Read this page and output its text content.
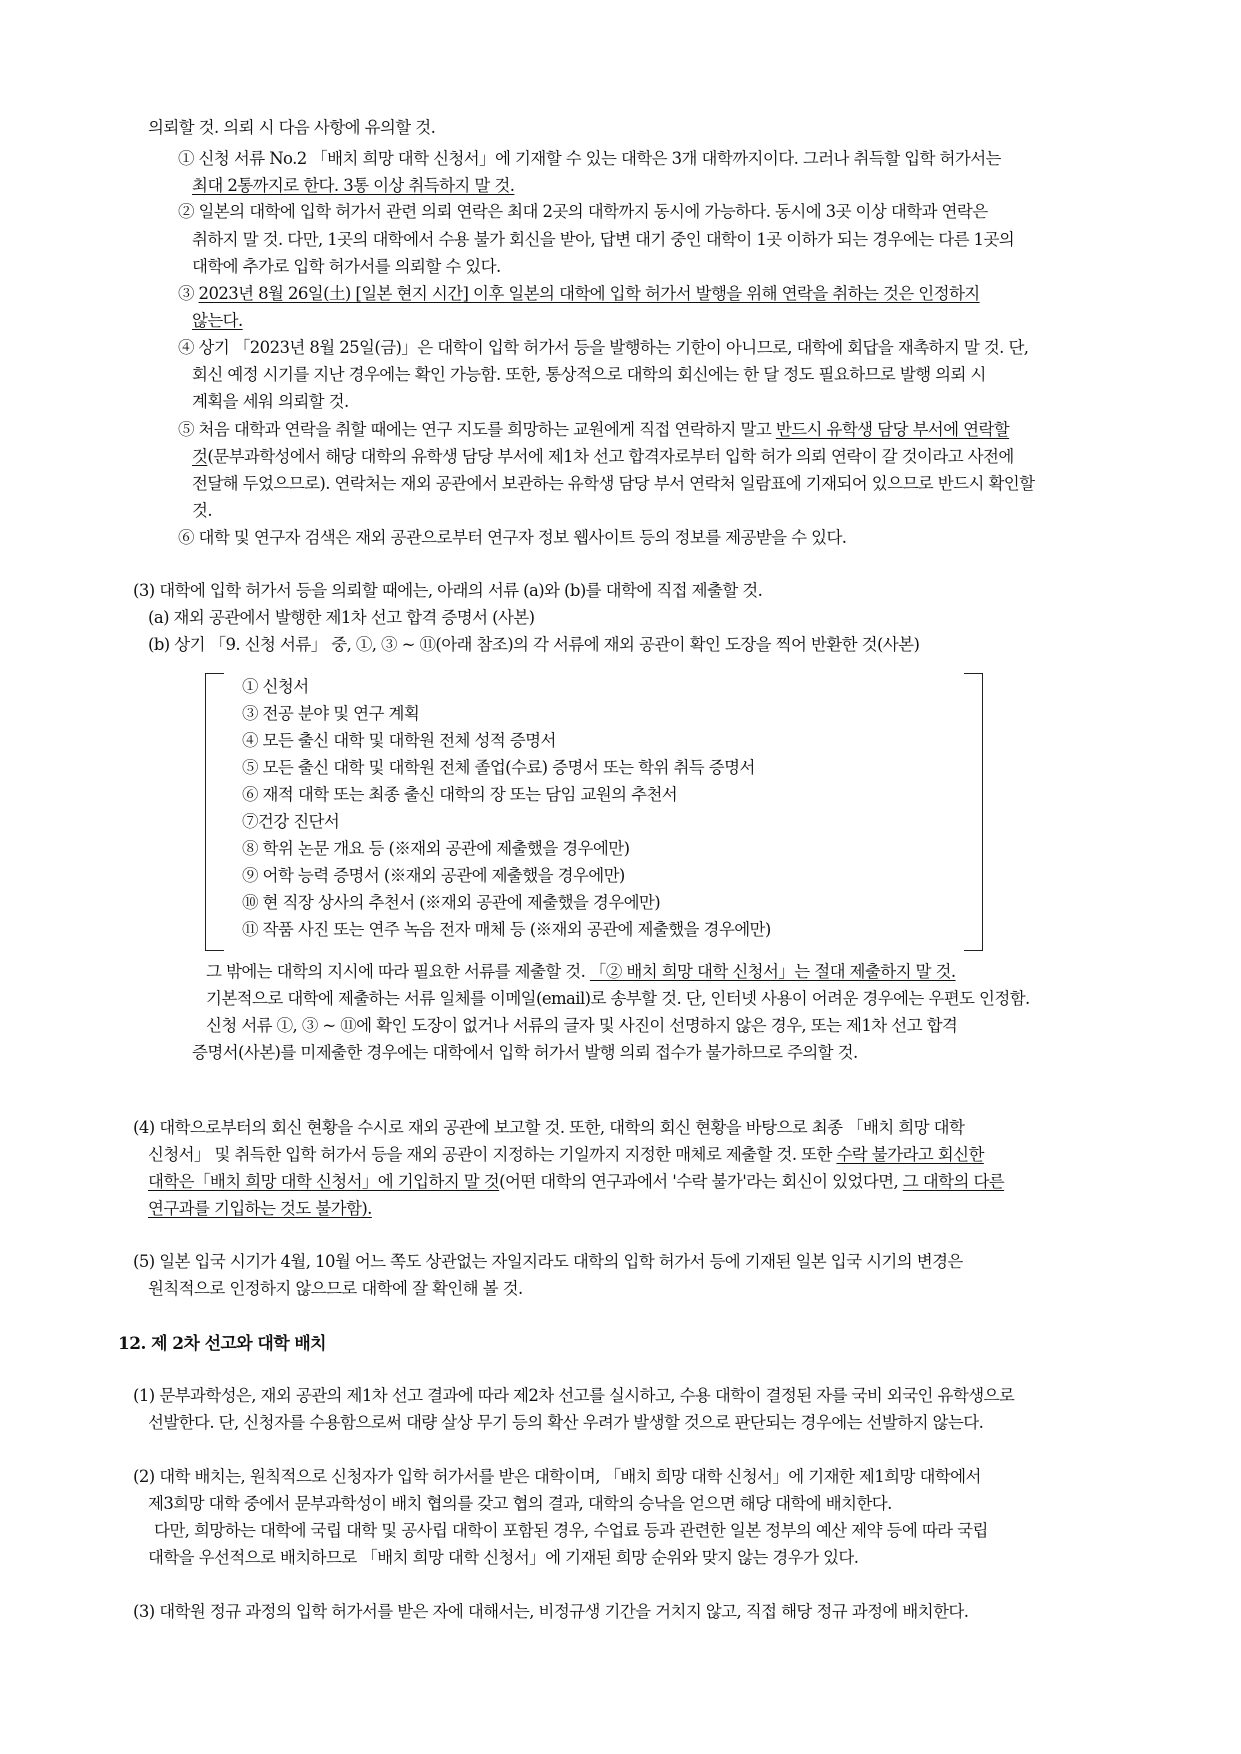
의뢰할 것. 의뢰 시 다음 사항에 유의할 것.
① 신청 서류 No.2 「배치 희망 대학 신청서」에 기재할 수 있는 대학은 3개 대학까지이다. 그러나 취득할 입학 허가서는
최대 2통까지로 한다. 3통 이상 취득하지 말 것.
② 일본의 대학에 입학 허가서 관련 의뢰 연락은 최대 2곳의 대학까지 동시에 가능하다. 동시에 3곳 이상 대학과 연락은
취하지 말 것. 다만, 1곳의 대학에서 수용 불가 회신을 받아, 답변 대기 중인 대학이 1곳 이하가 되는 경우에는 다른 1곳의
대학에 추가로 입학 허가서를 의뢰할 수 있다.
③ 2023년 8월 26일(土) [일본 현지 시간] 이후 일본의 대학에 입학 허가서 발행을 위해 연락을 취하는 것은 인정하지
않는다.
④ 상기 「2023년 8월 25일(금)」은 대학이 입학 허가서 등을 발행하는 기한이 아니므로, 대학에 회답을 재촉하지 말 것. 단,
회신 예정 시기를 지난 경우에는 확인 가능함. 또한, 통상적으로 대학의 회신에는 한 달 정도 필요하므로 발행 의뢰 시
계획을 세워 의뢰할 것.
⑤ 처음 대학과 연락을 취할 때에는 연구 지도를 희망하는 교원에게 직접 연락하지 말고 반드시 유학생 담당 부서에 연락할
것(문부과학성에서 해당 대학의 유학생 담당 부서에 제1차 선고 합격자로부터 입학 허가 의뢰 연락이 갈 것이라고 사전에
전달해 두었으므로). 연락처는 재외 공관에서 보관하는 유학생 담당 부서 연락처 일람표에 기재되어 있으므로 반드시 확인할
것.
⑥ 대학 및 연구자 검색은 재외 공관으로부터 연구자 정보 웹사이트 등의 정보를 제공받을 수 있다.
(3) 대학에 입학 허가서 등을 의뢰할 때에는, 아래의 서류 (a)와 (b)를 대학에 직접 제출할 것.
(a) 재외 공관에서 발행한 제1차 선고 합격 증명서 (사본)
(b) 상기 「9. 신청 서류」 중, ①, ③ ~ ⑪(아래 참조)의 각 서류에 재외 공관이 확인 도장을 찍어 반환한 것(사본)
① 신청서
③ 전공 분야 및 연구 계획
④ 모든 출신 대학 및 대학원 전체 성적 증명서
⑤ 모든 출신 대학 및 대학원 전체 졸업(수료) 증명서 또는 학위 취득 증명서
⑥ 재적 대학 또는 최종 출신 대학의 장 또는 담임 교원의 추천서
⑦건강 진단서
⑧ 학위 논문 개요 등 (※재외 공관에 제출했을 경우에만)
⑨ 어학 능력 증명서 (※재외 공관에 제출했을 경우에만)
⑩ 현 직장 상사의 추천서 (※재외 공관에 제출했을 경우에만)
⑪ 작품 사진 또는 연주 녹음 전자 매체 등 (※재외 공관에 제출했을 경우에만)
그 밖에는 대학의 지시에 따라 필요한 서류를 제출할 것. 「② 배치 희망 대학 신청서」는 절대 제출하지 말 것.
기본적으로 대학에 제출하는 서류 일체를 이메일(email)로 송부할 것. 단, 인터넷 사용이 어려운 경우에는 우편도 인정함.
신청 서류 ①, ③ ~ ⑪에 확인 도장이 없거나 서류의 글자 및 사진이 선명하지 않은 경우, 또는 제1차 선고 합격
증명서(사본)를 미제출한 경우에는 대학에서 입학 허가서 발행 의뢰 접수가 불가하므로 주의할 것.
(4) 대학으로부터의 회신 현황을 수시로 재외 공관에 보고할 것. 또한, 대학의 회신 현황을 바탕으로 최종 「배치 희망 대학
신청서」 및 취득한 입학 허가서 등을 재외 공관이 지정하는 기일까지 지정한 매체로 제출할 것. 또한 수락 불가라고 회신한
대학은「배치 희망 대학 신청서」에 기입하지 말 것(어떤 대학의 연구과에서 '수락 불가'라는 회신이 있었다면, 그 대학의 다른
연구과를 기입하는 것도 불가함).
(5) 일본 입국 시기가 4월, 10월 어느 쪽도 상관없는 자일지라도 대학의 입학 허가서 등에 기재된 일본 입국 시기의 변경은
원칙적으로 인정하지 않으므로 대학에 잘 확인해 볼 것.
12. 제 2차 선고와 대학 배치
(1) 문부과학성은, 재외 공관의 제1차 선고 결과에 따라 제2차 선고를 실시하고, 수용 대학이 결정된 자를 국비 외국인 유학생으로
선발한다. 단, 신청자를 수용함으로써 대량 살상 무기 등의 확산 우려가 발생할 것으로 판단되는 경우에는 선발하지 않는다.
(2) 대학 배치는, 원칙적으로 신청자가 입학 허가서를 받은 대학이며, 「배치 희망 대학 신청서」에 기재한 제1희망 대학에서
제3희망 대학 중에서 문부과학성이 배치 협의를 갖고 협의 결과, 대학의 승낙을 얻으면 해당 대학에 배치한다.
다만, 희망하는 대학에 국립 대학 및 공사립 대학이 포함된 경우, 수업료 등과 관련한 일본 정부의 예산 제약 등에 따라 국립
대학을 우선적으로 배치하므로 「배치 희망 대학 신청서」에 기재된 희망 순위와 맞지 않는 경우가 있다.
(3) 대학원 정규 과정의 입학 허가서를 받은 자에 대해서는, 비정규생 기간을 거치지 않고, 직접 해당 정규 과정에 배치한다.
